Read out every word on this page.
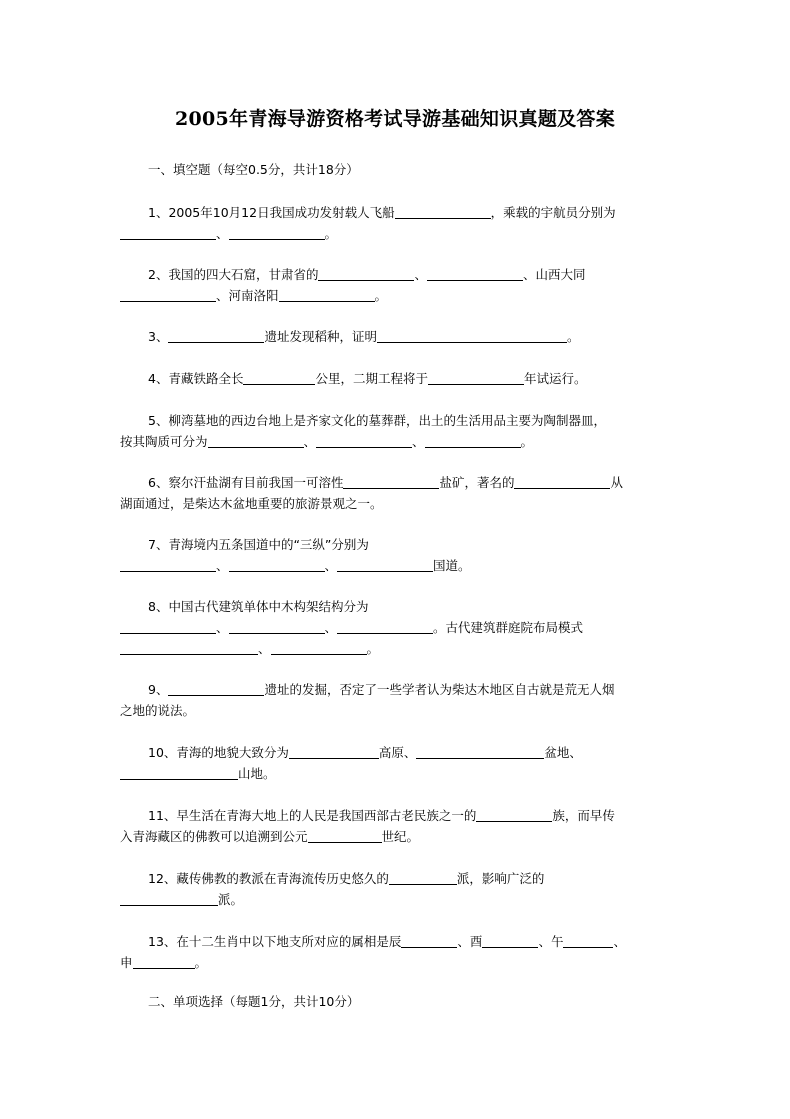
2005年青海导游资格考试导游基础知识真题及答案
一、填空题（每空0.5分，共计18分）
1、2005年10月12日我国成功发射载人飞船	，乘载的宇航员分别为
、	。
2、我国的四大石窟，甘肃省的	、	、山西大同
、河南洛阳	。
3、	遗址发现稻种，证明	。
4、青藏铁路全长	公里，二期工程将于	年试运行。
5、柳湾墓地的西边台地上是齐家文化的墓葬群，出土的生活用品主要为陶制器皿，
按其陶质可分为	、	、	。
6、察尔汗盐湖有目前我国一可溶性	盐矿，著名的	从
湖面通过，是柴达木盆地重要的旅游景观之一。
7、青海境内五条国道中的“三纵”分别为
、	、	国道。
8、中国古代建筑单体中木构架结构分为
、	、	。古代建筑群庭院布局模式
、	。
9、	遗址的发掘，否定了一些学者认为柴达木地区自古就是荒无人烟
之地的说法。
10、青海的地貌大致分为	高原、	盆地、
山地。
11、早生活在青海大地上的人民是我国西部古老民族之一的	族，而早传
入青海藏区的佛教可以追溯到公元	世纪。
12、藏传佛教的教派在青海流传历史悠久的	派，影响广泛的
派。
13、在十二生肖中以下地支所对应的属相是辰	、酉	、午	、
申	。
二、单项选择（每题1分，共计10分）
